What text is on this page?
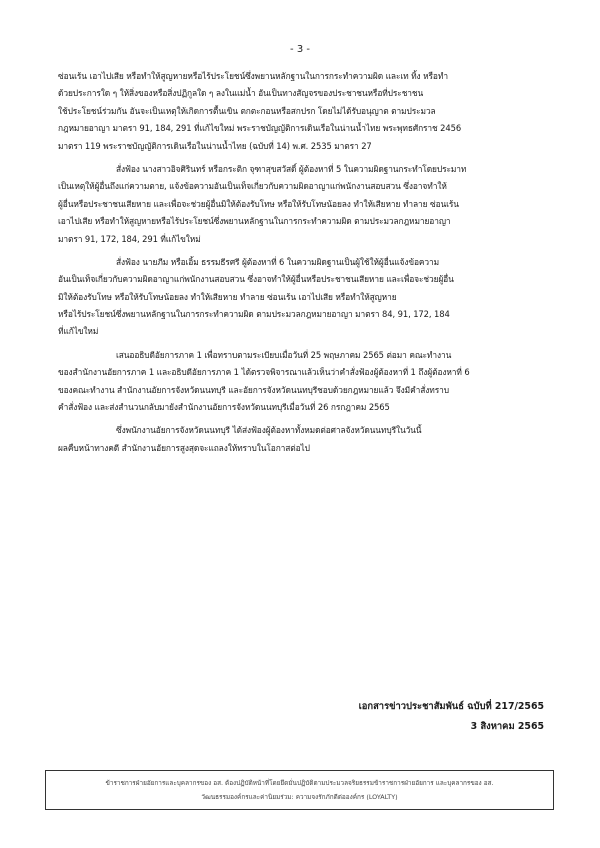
- 3 -
ซ่อนเร้น เอาไปเสีย หรือทำให้สูญหายหรือไร้ประโยชน์ซึ่งพยานหลักฐานในการกระทำความผิด และเท ทิ้ง หรือทำ
ด้วยประการใด ๆ ให้สิ่งของหรือสิ่งปฏิกูลใด ๆ ลงในแม่น้ำ อันเป็นทางสัญจรของประชาชนหรือที่ประชาชน
ใช้ประโยชน์ร่วมกัน อันจะเป็นเหตุให้เกิดการตื้นเขิน ตกตะกอนหรือสกปรก โดยไม่ได้รับอนุญาต ตามประมวล
กฎหมายอาญา มาตรา 91, 184, 291 ที่แก้ไขใหม่ พระราชบัญญัติการเดินเรือในน่านน้ำไทย พระพุทธศักราช 2456
มาตรา 119 พระราชบัญญัติการเดินเรือในน่านน้ำไทย (ฉบับที่ 14) พ.ศ. 2535 มาตรา 27
สั่งฟ้อง นางสาวอิจศิรินทร์ หรือกระติก จุฑาสุขสวัสดิ์ ผู้ต้องหาที่ 5 ในความผิดฐานกระทำโดยประมาท
เป็นเหตุให้ผู้อื่นถึงแก่ความตาย, แจ้งข้อความอันเป็นเท็จเกี่ยวกับความผิดอาญาแก่พนักงานสอบสวน ซึ่งอาจทำให้
ผู้อื่นหรือประชาชนเสียหาย และเพื่อจะช่วยผู้อื่นมิให้ต้องรับโทษ หรือให้รับโทษน้อยลง ทำให้เสียหาย ทำลาย ซ่อนเร้น
เอาไปเสีย หรือทำให้สูญหายหรือไร้ประโยชน์ซึ่งพยานหลักฐานในการกระทำความผิด ตามประมวลกฎหมายอาญา
มาตรา 91, 172, 184, 291 ที่แก้ไขใหม่
สั่งฟ้อง นายภีม หรือเอิ้ม ธรรมธีรศรี ผู้ต้องหาที่ 6 ในความผิดฐานเป็นผู้ใช้ให้ผู้อื่นแจ้งข้อความ
อันเป็นเท็จเกี่ยวกับความผิดอาญาแก่พนักงานสอบสวน ซึ่งอาจทำให้ผู้อื่นหรือประชาชนเสียหาย และเพื่อจะช่วยผู้อื่น
มิให้ต้องรับโทษ หรือให้รับโทษน้อยลง ทำให้เสียหาย ทำลาย ซ่อนเร้น เอาไปเสีย หรือทำให้สูญหาย
หรือไร้ประโยชน์ซึ่งพยานหลักฐานในการกระทำความผิด ตามประมวลกฎหมายอาญา มาตรา 84, 91, 172, 184
ที่แก้ไขใหม่
เสนออธิบดีอัยการภาค 1 เพื่อทราบตามระเบียบเมื่อวันที่ 25 พฤษภาคม 2565 ต่อมา คณะทำงาน
ของสำนักงานอัยการภาค 1 และอธิบดีอัยการภาค 1 ได้ตรวจพิจารณาแล้วเห็นว่าคำสั่งฟ้องผู้ต้องหาที่ 1 ถึงผู้ต้องหาที่ 6
ของคณะทำงาน สำนักงานอัยการจังหวัดนนทบุรี และอัยการจังหวัดนนทบุรีชอบด้วยกฎหมายแล้ว จึงมีคำสั่งทราบ
คำสั่งฟ้อง และส่งสำนวนกลับมายังสำนักงานอัยการจังหวัดนนทบุรีเมื่อวันที่ 26 กรกฎาคม 2565
ซึ่งพนักงานอัยการจังหวัดนนทบุรี ได้ส่งฟ้องผู้ต้องหาทั้งหมดต่อศาลจังหวัดนนทบุรีในวันนี้
ผลคืบหน้าทางคดี สำนักงานอัยการสูงสุดจะแถลงให้ทราบในโอกาสต่อไป
เอกสารข่าวประชาสัมพันธ์ ฉบับที่ 217/2565
3 สิงหาคม 2565
ข้าราชการฝ่ายอัยการและบุคลากรของ อส. ต้องปฏิบัติหน้าที่โดยยึดมั่นปฏิบัติตามประมวลจริยธรรมข้าราชการฝ่ายอัยการ และบุคลากรของ อส.
วัฒนธรรมองค์กรและค่านิยมร่วม: ความจงรักภักดีต่อองค์กร (LOYALTY)
